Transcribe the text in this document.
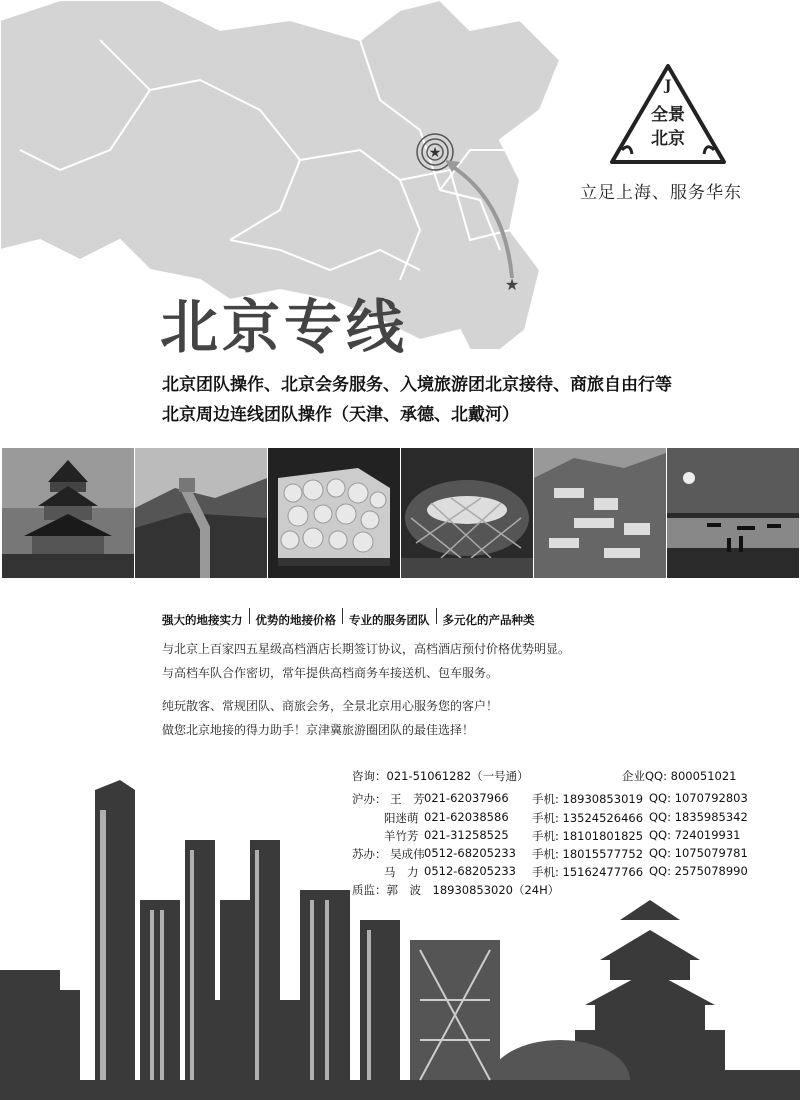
★
★
J
全景
北京
立足上海、服务华东
北京专线
北京团队操作、北京会务服务、入境旅游团北京接待、商旅自由行等
北京周边连线团队操作（天津、承德、北戴河）
强大的地接实力 优势的地接价格 专业的服务团队 多元化的产品种类
与北京上百家四五星级高档酒店长期签订协议，高档酒店预付价格优势明显。
与高档车队合作密切，常年提供高档商务车接送机、包车服务。
纯玩散客、常规团队、商旅会务，全景北京用心服务您的客户！
做您北京地接的得力助手！京津冀旅游圈团队的最佳选择！
咨询：021-51061282（一号通）	企业QQ: 800051021
沪办： 王　芳 021-62037966 手机: 18930853019 QQ: 1070792803
阳迷萌 021-62038586 手机: 13524526466 QQ: 1835985342
羊竹芳 021-31258525 手机: 18101801825 QQ: 724019931
苏办： 吴成伟 0512-68205233 手机: 18015577752 QQ: 1075079781
马　力 0512-68205233 手机: 15162477766 QQ: 2575078990
质监：郭　波　18930853020（24H）
